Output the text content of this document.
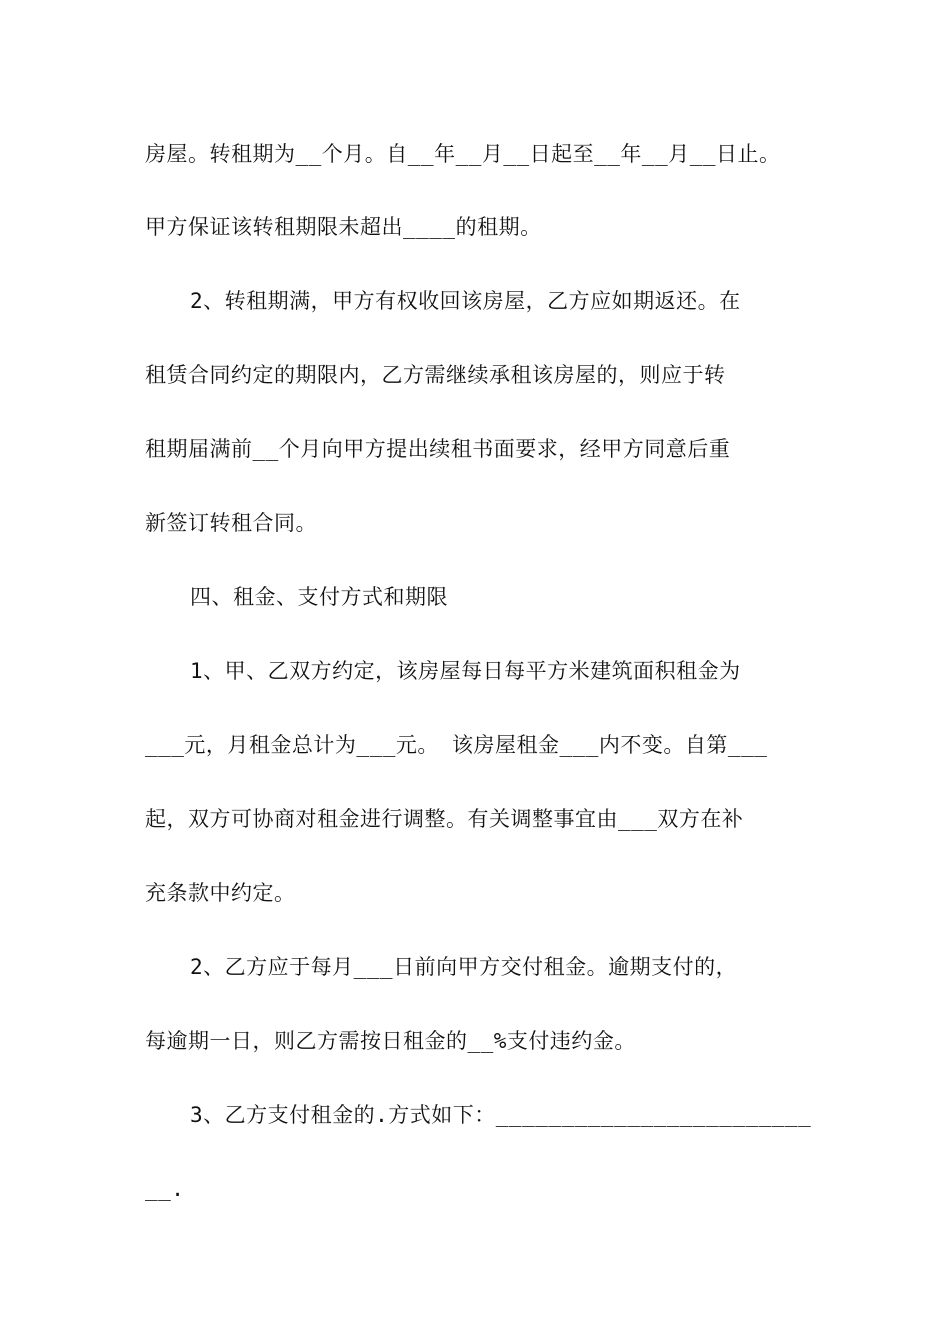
房屋。转租期为__个月。自__年__月__日起至__年__月__日止。
甲方保证该转租期限未超出____的租期。
2、转租期满，甲方有权收回该房屋，乙方应如期返还。在
租赁合同约定的期限内，乙方需继续承租该房屋的，则应于转
租期届满前__个月向甲方提出续租书面要求，经甲方同意后重
新签订转租合同。
四、租金、支付方式和期限
1、甲、乙双方约定，该房屋每日每平方米建筑面积租金为
___元，月租金总计为___元。 该房屋租金___内不变。自第___
起，双方可协商对租金进行调整。有关调整事宜由___双方在补
充条款中约定。
2、乙方应于每月___日前向甲方交付租金。逾期支付的，
每逾期一日，则乙方需按日租金的__%支付违约金。
3、乙方支付租金的.方式如下：________________________
__.
